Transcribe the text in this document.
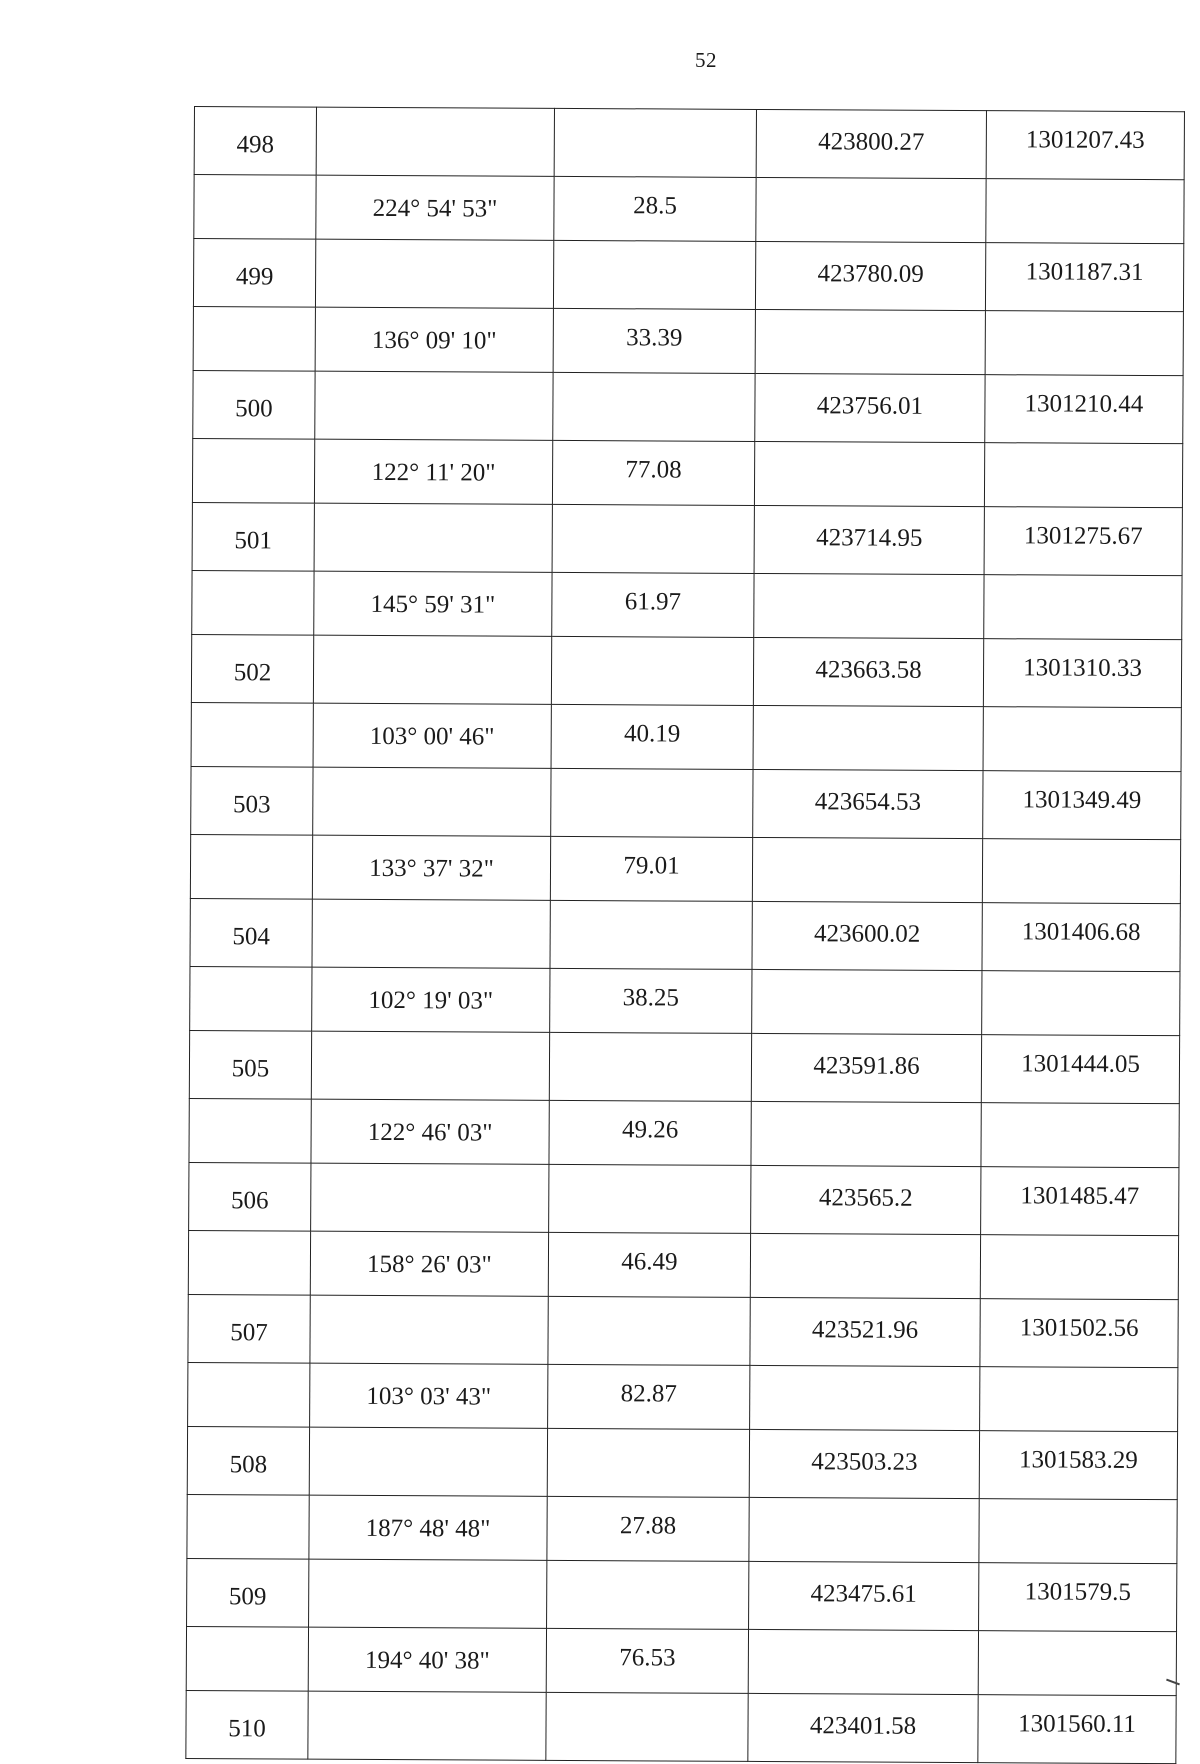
52
498			423800.27	1301207.43
	224° 54' 53"	28.5		
499			423780.09	1301187.31
	136° 09' 10"	33.39		
500			423756.01	1301210.44
	122° 11' 20"	77.08		
501			423714.95	1301275.67
	145° 59' 31"	61.97		
502			423663.58	1301310.33
	103° 00' 46"	40.19		
503			423654.53	1301349.49
	133° 37' 32"	79.01		
504			423600.02	1301406.68
	102° 19' 03"	38.25		
505			423591.86	1301444.05
	122° 46' 03"	49.26		
506			423565.2	1301485.47
	158° 26' 03"	46.49		
507			423521.96	1301502.56
	103° 03' 43"	82.87		
508			423503.23	1301583.29
	187° 48' 48"	27.88		
509			423475.61	1301579.5
	194° 40' 38"	76.53		
510			423401.58	1301560.11
